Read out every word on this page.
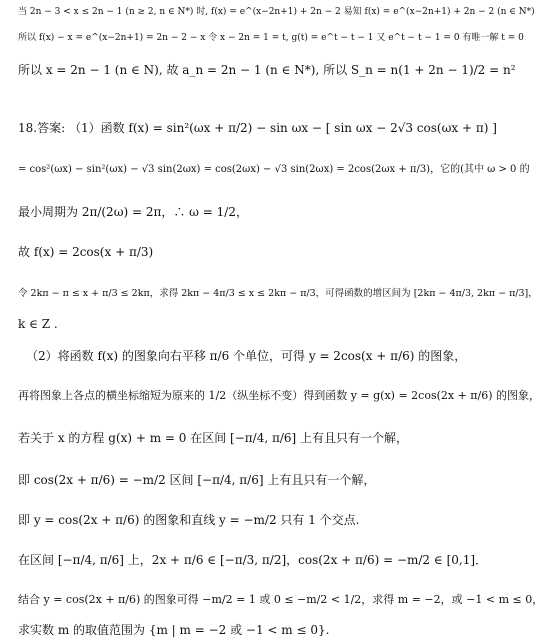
当 2n − 3 < x ≤ 2n − 1 (n ≥ 2, n ∈ N*) 时, f(x) = e^(x−2n+1) + 2n − 2 易知 f(x) = e^(x−2n+1) + 2n − 2 (n ∈ N*)
所以 f(x) − x = e^(x−2n+1) = 2n − 2 − x 令 x − 2n = 1 = t, g(t) = e^t − t − 1 又 e^t − t − 1 = 0 有唯一解 t = 0
所以 x = 2n − 1 (n ∈ N), 故 a_n = 2n − 1 (n ∈ N*), 所以 S_n = n(1 + 2n − 1)/2 = n²
18.答案: （1）函数 f(x) = sin²(ωx + π/2) − sin ωx − [ sin ωx − 2√3 cos(ωx + π) ]
= cos²(ωx) − sin²(ωx) − √3 sin(2ωx) = cos(2ωx) − √3 sin(2ωx) = 2cos(2ωx + π/3)，它的(其中 ω > 0 的
最小周期为 2π/(2ω) = 2π，∴ ω = 1/2，
故 f(x) = 2cos(x + π/3)
令 2kπ − π ≤ x + π/3 ≤ 2kπ，求得 2kπ − 4π/3 ≤ x ≤ 2kπ − π/3，可得函数的增区间为 [2kπ − 4π/3, 2kπ − π/3]，
k ∈ Z .
（2）将函数 f(x) 的图象向右平移 π/6 个单位，可得 y = 2cos(x + π/6) 的图象，
再将图象上各点的横坐标缩短为原来的 1/2（纵坐标不变）得到函数 y = g(x) = 2cos(2x + π/6) 的图象，
若关于 x 的方程 g(x) + m = 0 在区间 [−π/4, π/6] 上有且只有一个解，
即 cos(2x + π/6) = −m/2 区间 [−π/4, π/6] 上有且只有一个解，
即 y = cos(2x + π/6) 的图象和直线 y = −m/2 只有 1 个交点.
在区间 [−π/4, π/6] 上，2x + π/6 ∈ [−π/3, π/2]，cos(2x + π/6) = −m/2 ∈ [0,1]．
结合 y = cos(2x + π/6) 的图象可得 −m/2 = 1 或 0 ≤ −m/2 < 1/2，求得 m = −2，或 −1 < m ≤ 0，
求实数 m 的取值范围为 {m | m = −2 或 −1 < m ≤ 0}.
